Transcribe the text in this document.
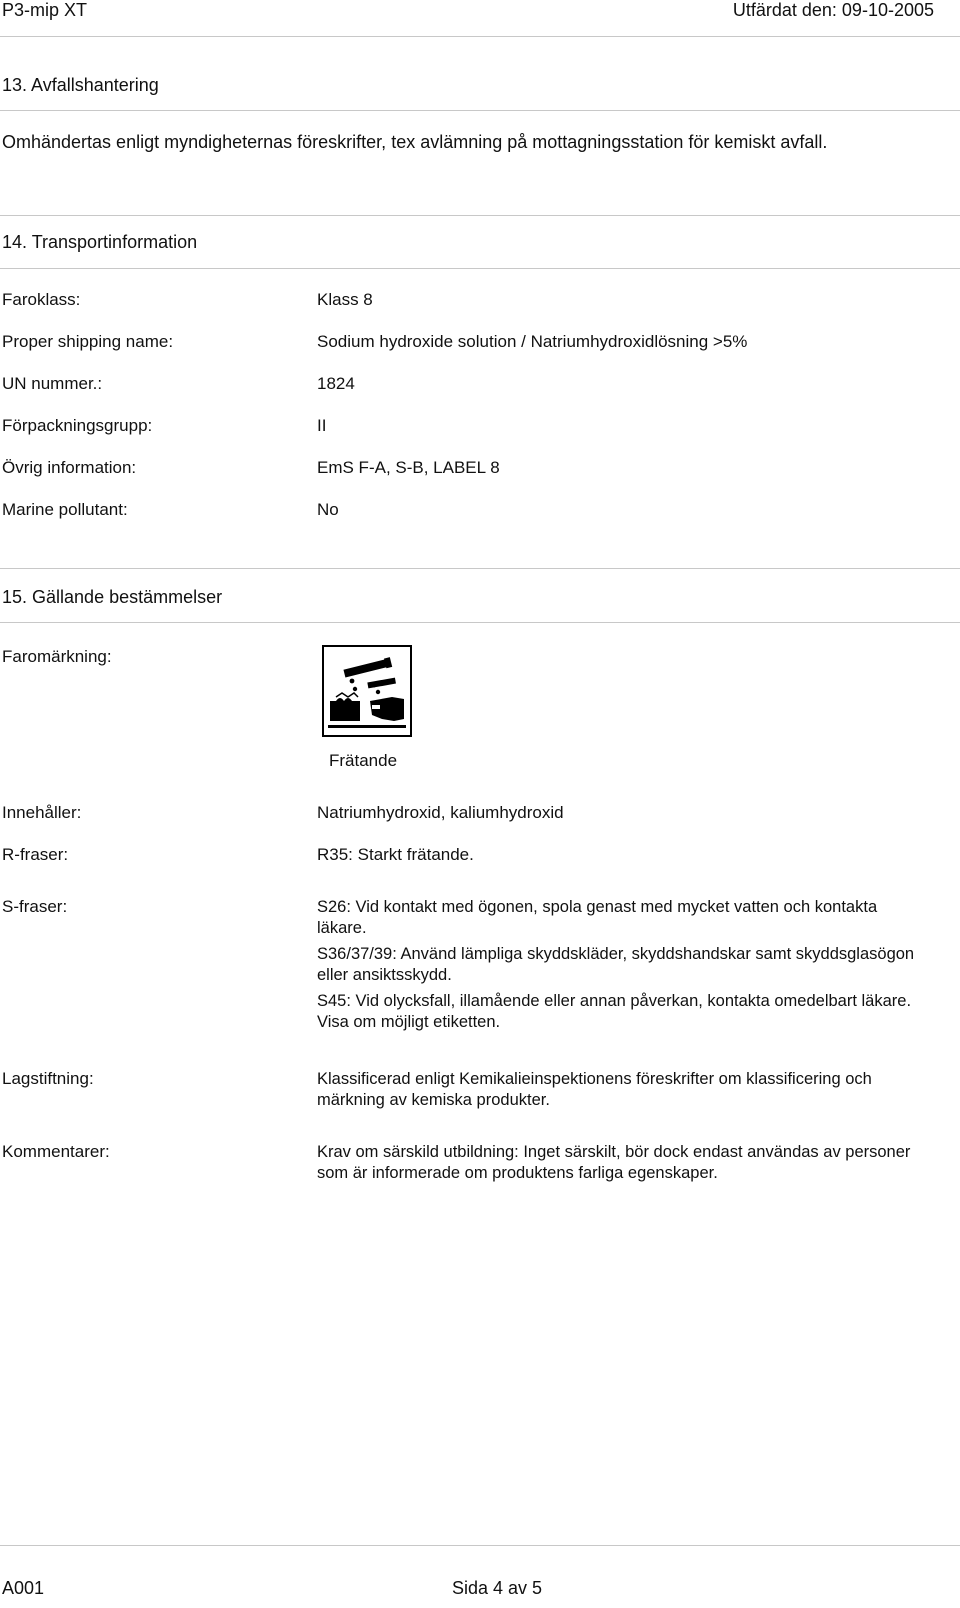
P3-mip XT	Utfärdat den: 09-10-2005
13. Avfallshantering
Omhändertas enligt myndigheternas föreskrifter, tex avlämning på mottagningsstation för kemiskt avfall.
14. Transportinformation
Faroklass:	Klass 8
Proper shipping name:	Sodium hydroxide solution / Natriumhydroxidlösning >5%
UN nummer.:	1824
Förpackningsgrupp:	II
Övrig information:	EmS F-A, S-B, LABEL 8
Marine pollutant:	No
15. Gällande bestämmelser
Faromärkning:
Frätande
Innehåller:	Natriumhydroxid, kaliumhydroxid
R-fraser:	R35: Starkt frätande.
S-fraser:	S26: Vid kontakt med ögonen, spola genast med mycket vatten och kontakta läkare.
S36/37/39: Använd lämpliga skyddskläder, skyddshandskar samt skyddsglasögon eller ansiktsskydd.
S45: Vid olycksfall, illamående eller annan påverkan, kontakta omedelbart läkare. Visa om möjligt etiketten.
Lagstiftning:	Klassificerad enligt Kemikalieinspektionens föreskrifter om klassificering och märkning av kemiska produkter.
Kommentarer:	Krav om särskild utbildning: Inget särskilt, bör dock endast användas av personer som är informerade om produktens farliga egenskaper.
A001	Sida 4 av 5
